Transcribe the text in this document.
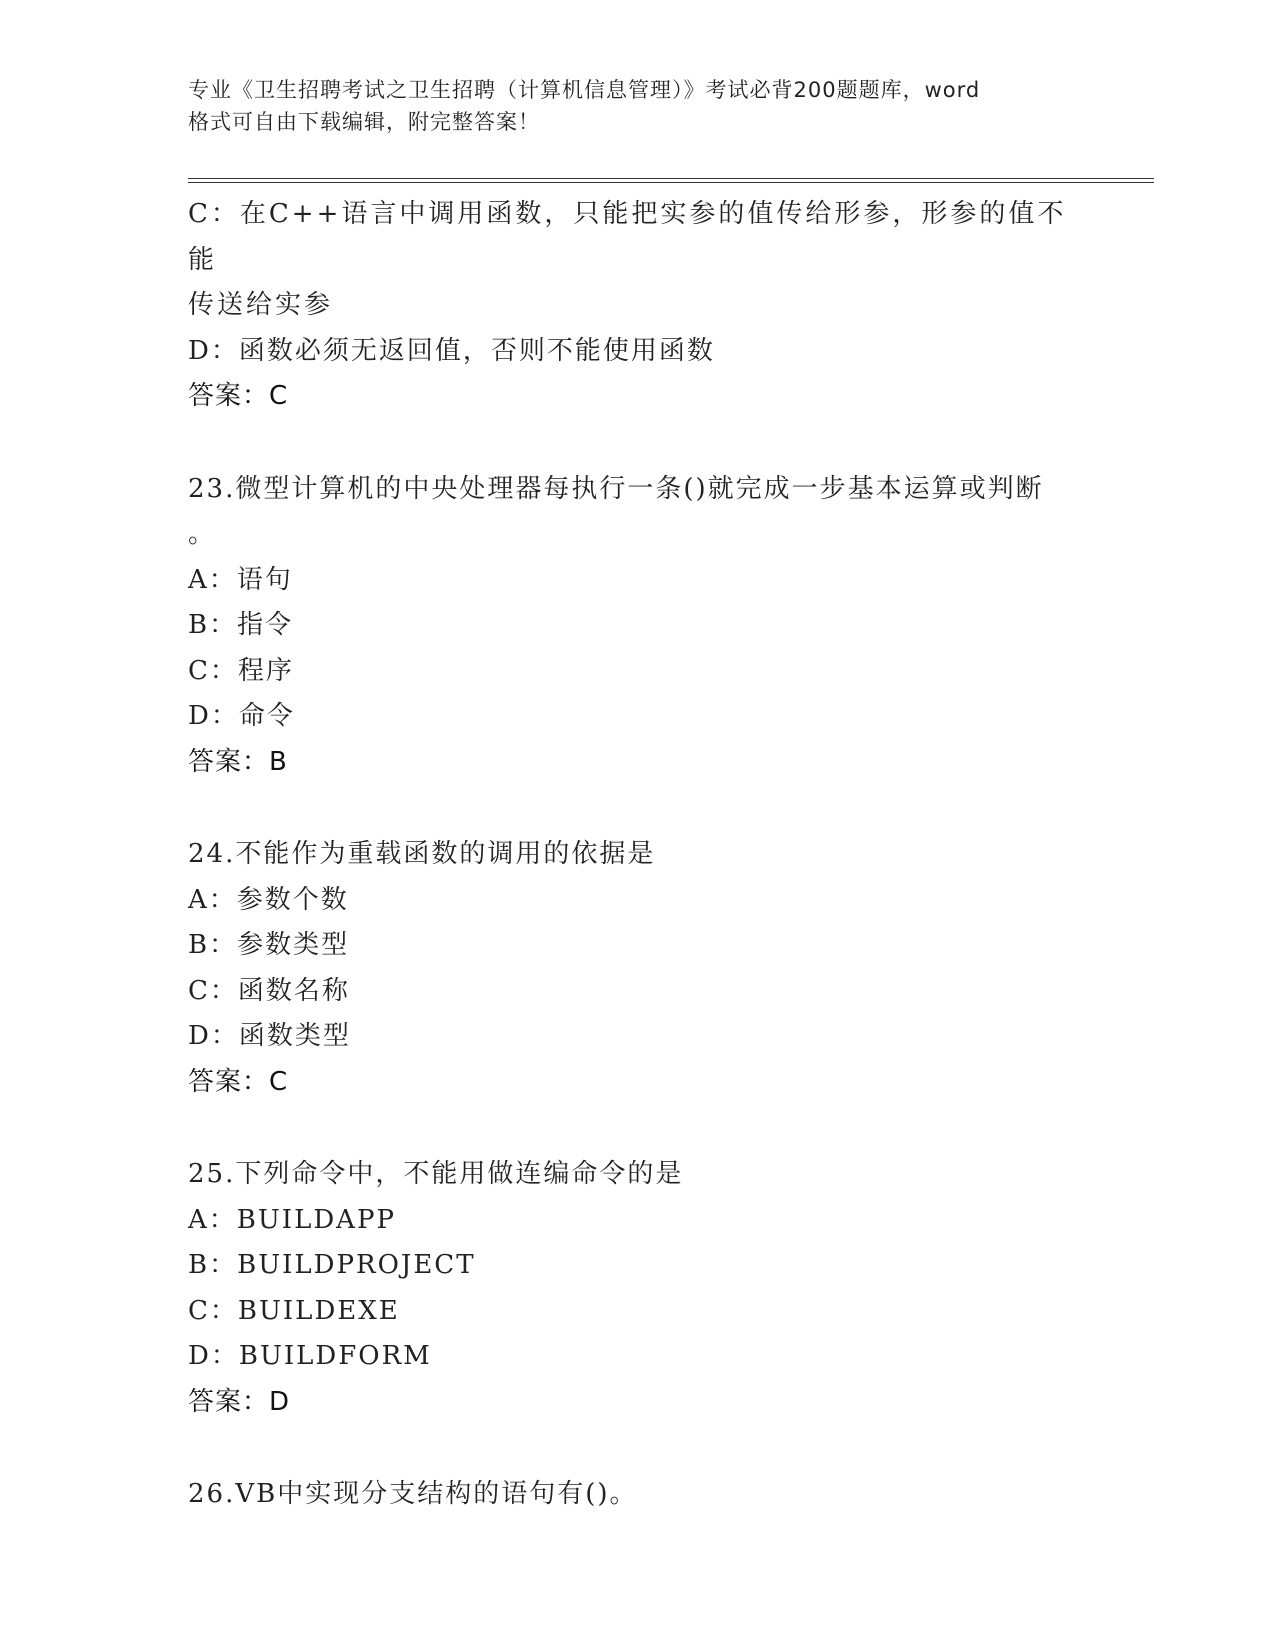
专业《卫生招聘考试之卫生招聘（计算机信息管理）》考试必背200题题库，word
格式可自由下载编辑，附完整答案！
C：在C++语言中调用函数，只能把实参的值传给形参，形参的值不能
传送给实参
D：函数必须无返回值，否则不能使用函数
答案：C
23.微型计算机的中央处理器每执行一条()就完成一步基本运算或判断
。
A：语句
B：指令
C：程序
D：命令
答案：B
24.不能作为重载函数的调用的依据是
A：参数个数
B：参数类型
C：函数名称
D：函数类型
答案：C
25.下列命令中，不能用做连编命令的是
A：BUILDAPP
B：BUILDPROJECT
C：BUILDEXE
D：BUILDFORM
答案：D
26.VB中实现分支结构的语句有()。
